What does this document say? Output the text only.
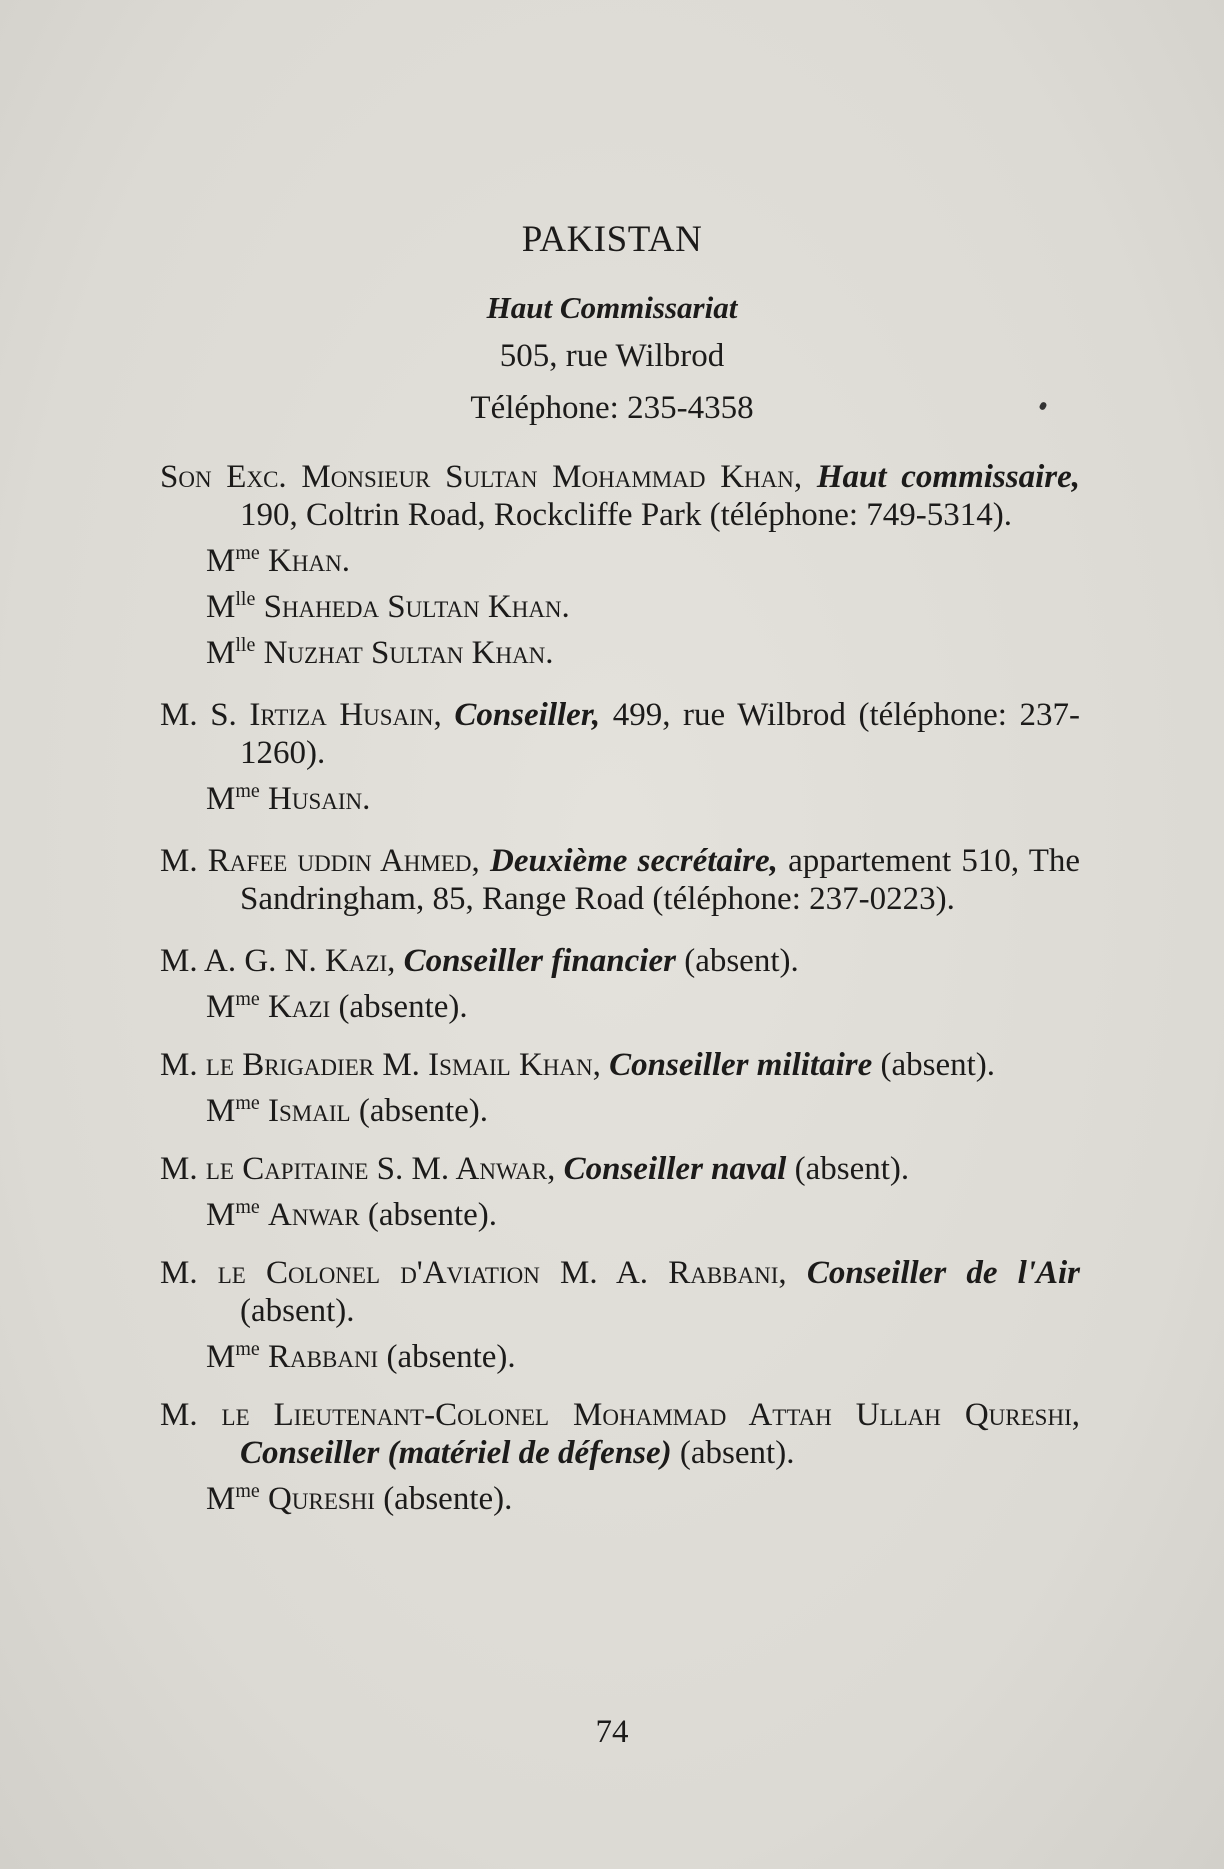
PAKISTAN
Haut Commissariat
505, rue Wilbrod
Téléphone: 235-4358
Son Exc. Monsieur Sultan Mohammad Khan, Haut commissaire, 190, Coltrin Road, Rockcliffe Park (téléphone: 749-5314).
$M^{me}$ Khan.
$M^{lle}$ Shaheda Sultan Khan.
$M^{lle}$ Nuzhat Sultan Khan.
M. S. Irtiza Husain, Conseiller, 499, rue Wilbrod (téléphone: 237-1260).
$M^{me}$ Husain.
M. Rafee uddin Ahmed, Deuxième secrétaire, appartement 510, The Sandringham, 85, Range Road (téléphone: 237-0223).
M. A. G. N. Kazi, Conseiller financier (absent).
$M^{me}$ Kazi (absente).
M. le Brigadier M. Ismail Khan, Conseiller militaire (absent).
$M^{me}$ Ismail (absente).
M. le Capitaine S. M. Anwar, Conseiller naval (absent).
$M^{me}$ Anwar (absente).
M. le Colonel d'Aviation M. A. Rabbani, Conseiller de l'Air (absent).
$M^{me}$ Rabbani (absente).
M. le Lieutenant-Colonel Mohammad Attah Ullah Qureshi, Conseiller (matériel de défense) (absent).
$M^{me}$ Qureshi (absente).
74
